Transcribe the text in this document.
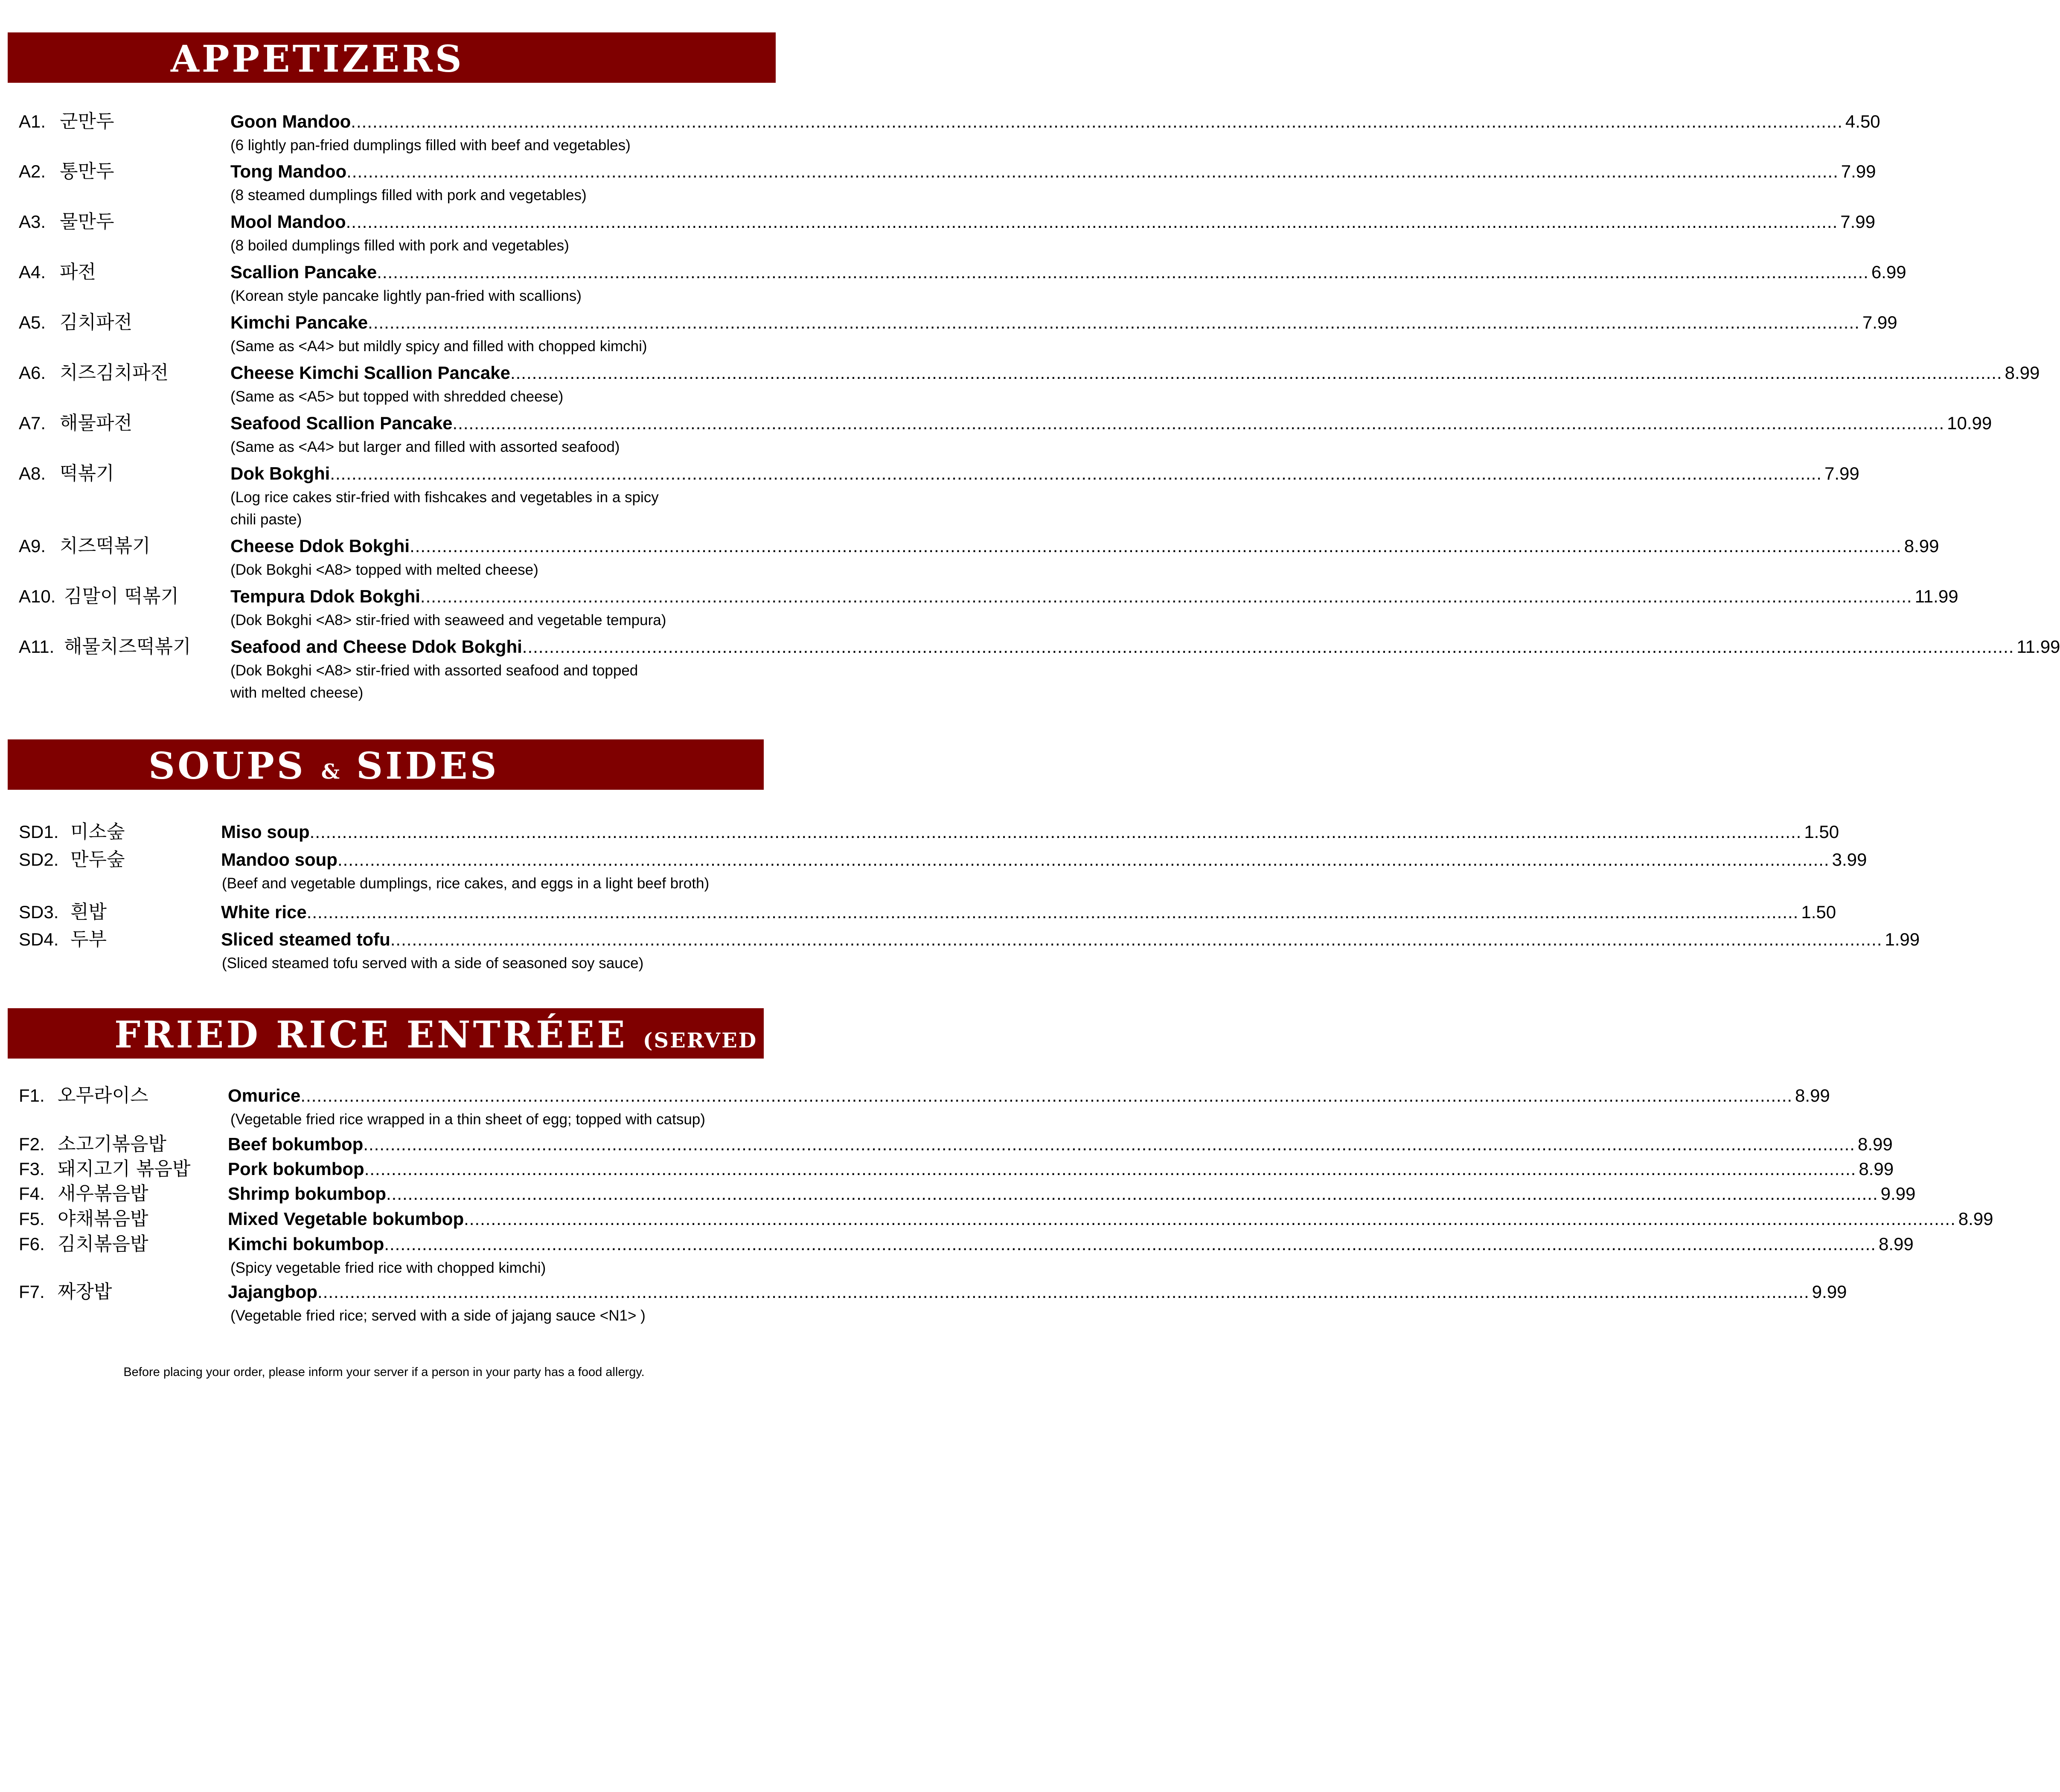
APPETIZERS
A1. 군만두	Goon Mandoo .....	4.50
(6 lightly pan-fried dumplings filled with beef and vegetables)
A2. 통만두	Tong Mandoo .....	7.99
(8 steamed dumplings filled with pork and vegetables)
A3. 물만두	Mool Mandoo .....	7.99
(8 boiled dumplings filled with pork and vegetables)
A4. 파전	Scallion Pancake .....	6.99
(Korean style pancake lightly pan-fried with scallions)
A5. 김치파전	Kimchi Pancake .....	7.99
(Same as <A4> but mildly spicy and filled with chopped kimchi)
A6. 치즈김치파전	Cheese Kimchi Scallion Pancake .....	8.99
(Same as <A5> but topped with shredded cheese)
A7. 해물파전	Seafood Scallion Pancake .....	10.99
(Same as <A4> but larger and filled with assorted seafood)
A8. 떡볶기	Dok Bokghi .....	7.99
(Log rice cakes stir-fried with fishcakes and vegetables in a spicy
chili paste)
A9. 치즈떡볶기	Cheese Ddok Bokghi .....	8.99
(Dok Bokghi <A8> topped with melted cheese)
A10. 김말이 떡볶기	Tempura Ddok Bokghi .....	11.99
(Dok Bokghi <A8> stir-fried with seaweed and vegetable tempura)
A11. 해물치즈떡볶기 Seafood and Cheese Ddok Bokghi .....	11.99
(Dok Bokghi <A8> stir-fried with assorted seafood and topped
with melted cheese)
SOUPS & SIDES
SD1. 미소숲	Miso soup .....	1.50
SD2. 만두숲	Mandoo soup .....	3.99
(Beef and vegetable dumplings, rice cakes, and eggs in a light beef broth)
SD3. 흰밥	White rice .....	1.50
SD4. 두부	Sliced steamed tofu .....	1.99
(Sliced steamed tofu served with a side of seasoned soy sauce)
FRIED RICE ENTRÉEE (SERVED WITH MISO SOUP)
F1. 오무라이스	Omurice .....	8.99
(Vegetable fried rice wrapped in a thin sheet of egg; topped with catsup)
F2. 소고기볶음밥	Beef bokumbop .....	8.99
F3. 돼지고기 볶음밥 Pork bokumbop .....	8.99
F4. 새우볶음밥	Shrimp bokumbop .....	9.99
F5. 야채볶음밥	Mixed Vegetable bokumbop .....	8.99
F6. 김치볶음밥	Kimchi bokumbop .....	8.99
(Spicy vegetable fried rice with chopped kimchi)
F7. 짜장밥	Jajangbop .....	9.99
(Vegetable fried rice; served with a side of jajang sauce <N1> )
Before placing your order, please inform your server if a person in your party has a food allergy.
